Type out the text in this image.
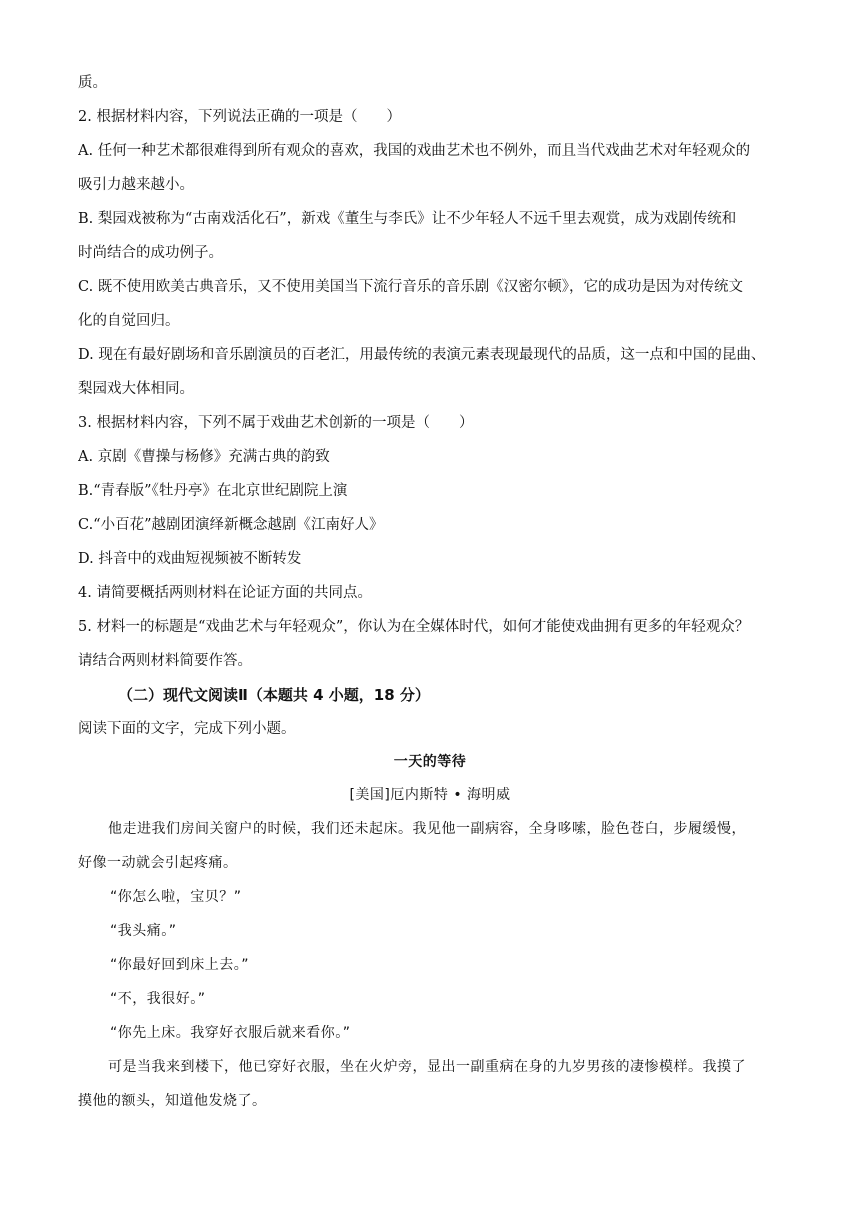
质。
2. 根据材料内容，下列说法正确的一项是（　　）
A. 任何一种艺术都很难得到所有观众的喜欢，我国的戏曲艺术也不例外，而且当代戏曲艺术对年轻观众的
吸引力越来越小。
B. 梨园戏被称为“古南戏活化石”，新戏《董生与李氏》让不少年轻人不远千里去观赏，成为戏剧传统和
时尚结合的成功例子。
C. 既不使用欧美古典音乐，又不使用美国当下流行音乐的音乐剧《汉密尔顿》，它的成功是因为对传统文
化的自觉回归。
D. 现在有最好剧场和音乐剧演员的百老汇，用最传统的表演元素表现最现代的品质，这一点和中国的昆曲、
梨园戏大体相同。
3. 根据材料内容，下列不属于戏曲艺术创新的一项是（　　）
A. 京剧《曹操与杨修》充满古典的韵致
B.“青春版”《牡丹亭》在北京世纪剧院上演
C.“小百花”越剧团演绎新概念越剧《江南好人》
D. 抖音中的戏曲短视频被不断转发
4. 请简要概括两则材料在论证方面的共同点。
5. 材料一的标题是“戏曲艺术与年轻观众”，你认为在全媒体时代，如何才能使戏曲拥有更多的年轻观众？
请结合两则材料简要作答。
（二）现代文阅读Ⅱ（本题共 4 小题，18 分）
阅读下面的文字，完成下列小题。
一天的等待
[美国]厄内斯特 • 海明威
他走进我们房间关窗户的时候，我们还未起床。我见他一副病容，全身哆嗦，脸色苍白，步履缓慢，
好像一动就会引起疼痛。
“你怎么啦，宝贝？”
“我头痛。”
“你最好回到床上去。”
“不，我很好。”
“你先上床。我穿好衣服后就来看你。”
可是当我来到楼下，他已穿好衣服，坐在火炉旁，显出一副重病在身的九岁男孩的凄惨模样。我摸了
摸他的额头，知道他发烧了。
